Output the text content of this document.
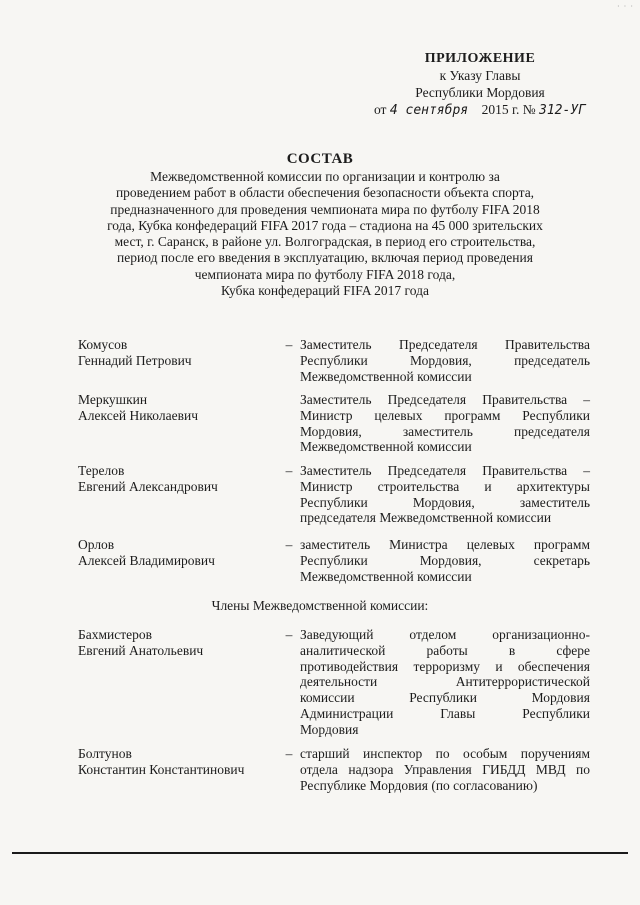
· · ·
ПРИЛОЖЕНИЕ
к Указу Главы
Республики Мордовия
от 4 сентября 2015 г. № 312-УГ
СОСТАВ
Межведомственной комиссии по организации и контролю за
проведением работ в области обеспечения безопасности объекта спорта,
предназначенного для проведения чемпионата мира по футболу FIFA 2018
года, Кубка конфедераций FIFA 2017 года – стадиона на 45 000 зрительских
мест, г. Саранск, в районе ул. Волгоградская, в период его строительства,
период после его введения в эксплуатацию, включая период проведения
чемпионата мира по футболу FIFA 2018 года,
Кубка конфедераций FIFA 2017 года
Комусов
Геннадий Петрович
– Заместитель Председателя Правительства
Республики Мордовия, председатель
Межведомственной комиссии
Меркушкин
Алексей Николаевич
Заместитель Председателя Правительства –
Министр целевых программ Республики
Мордовия, заместитель председателя
Межведомственной комиссии
Терелов
Евгений Александрович
– Заместитель Председателя Правительства –
Министр строительства и архитектуры
Республики Мордовия, заместитель
председателя Межведомственной комиссии
Орлов
Алексей Владимирович
– заместитель Министра целевых программ
Республики Мордовия, секретарь
Межведомственной комиссии
Члены Межведомственной комиссии:
Бахмистеров
Евгений Анатольевич
– Заведующий отделом организационно-
аналитической работы в сфере
противодействия терроризму и обеспечения
деятельности Антитеррористической
комиссии Республики Мордовия
Администрации Главы Республики
Мордовия
Болтунов
Константин Константинович
– старший инспектор по особым поручениям
отдела надзора Управления ГИБДД МВД по
Республике Мордовия (по согласованию)
